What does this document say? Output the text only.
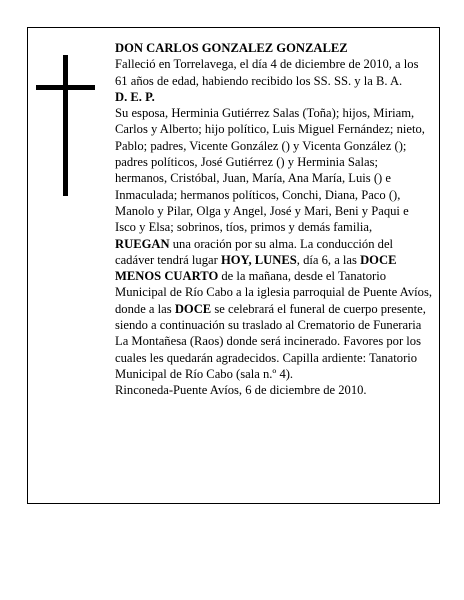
DON CARLOS GONZALEZ GONZALEZ

Falleció en Torrelavega, el día 4 de diciembre de 2010, a los 61 años de edad, habiendo recibido los SS. SS. y la B. A.

D. E. P.

Su esposa, Herminia Gutiérrez Salas (Toña); hijos, Miriam, Carlos y Alberto; hijo político, Luis Miguel Fernández; nieto, Pablo; padres, Vicente González () y Vicenta González (); padres políticos, José Gutiérrez () y Herminia Salas; hermanos, Cristóbal, Juan, María, Ana María, Luis () e Inmaculada; hermanos políticos, Conchi, Diana, Paco (), Manolo y Pilar, Olga y Angel, José y Mari, Beni y Paqui e Isco y Elsa; sobrinos, tíos, primos y demás familia,

RUEGAN una oración por su alma. La conducción del cadáver tendrá lugar HOY, LUNES, día 6, a las DOCE MENOS CUARTO de la mañana, desde el Tanatorio Municipal de Río Cabo a la iglesia parroquial de Puente Avíos, donde a las DOCE se celebrará el funeral de cuerpo presente, siendo a continuación su traslado al Crematorio de Funeraria La Montañesa (Raos) donde será incinerado. Favores por los cuales les quedarán agradecidos. Capilla ardiente: Tanatorio Municipal de Río Cabo (sala n.º 4).

Rinconeda-Puente Avíos, 6 de diciembre de 2010.
